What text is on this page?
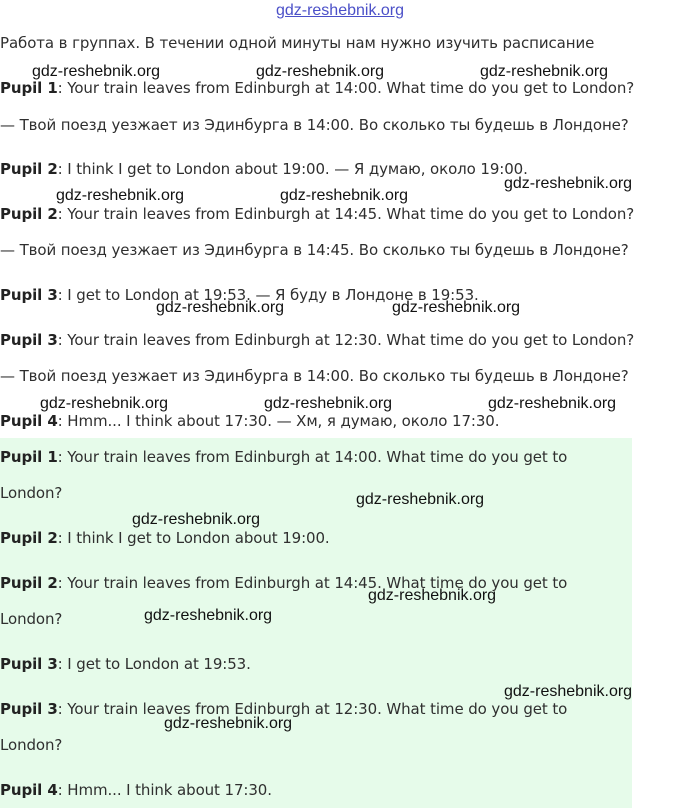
gdz-reshebnik.org
Работа в группах. В течении одной минуты нам нужно изучить расписание
Pupil 1: Your train leaves from Edinburgh at 14:00. What time do you get to London?
— Твой поезд уезжает из Эдинбурга в 14:00. Во сколько ты будешь в Лондоне?
Pupil 2: I think I get to London about 19:00. — Я думаю, около 19:00.
Pupil 2: Your train leaves from Edinburgh at 14:45. What time do you get to London?
— Твой поезд уезжает из Эдинбурга в 14:45. Во сколько ты будешь в Лондоне?
Pupil 3: I get to London at 19:53. — Я буду в Лондоне в 19:53.
Pupil 3: Your train leaves from Edinburgh at 12:30. What time do you get to London?
— Твой поезд уезжает из Эдинбурга в 14:00. Во сколько ты будешь в Лондоне?
Pupil 4: Hmm... I think about 17:30. — Хм, я думаю, около 17:30.
Pupil 1: Your train leaves from Edinburgh at 14:00. What time do you get to
London?
Pupil 2: I think I get to London about 19:00.
Pupil 2: Your train leaves from Edinburgh at 14:45. What time do you get to
London?
Pupil 3: I get to London at 19:53.
Pupil 3: Your train leaves from Edinburgh at 12:30. What time do you get to
London?
Pupil 4: Hmm... I think about 17:30.
gdz-reshebnik.org	gdz-reshebnik.org	gdz-reshebnik.org
gdz-reshebnik.org
gdz-reshebnik.org	gdz-reshebnik.org
gdz-reshebnik.org	gdz-reshebnik.org
gdz-reshebnik.org	gdz-reshebnik.org	gdz-reshebnik.org
gdz-reshebnik.org
gdz-reshebnik.org
gdz-reshebnik.org
gdz-reshebnik.org
gdz-reshebnik.org
gdz-reshebnik.org
